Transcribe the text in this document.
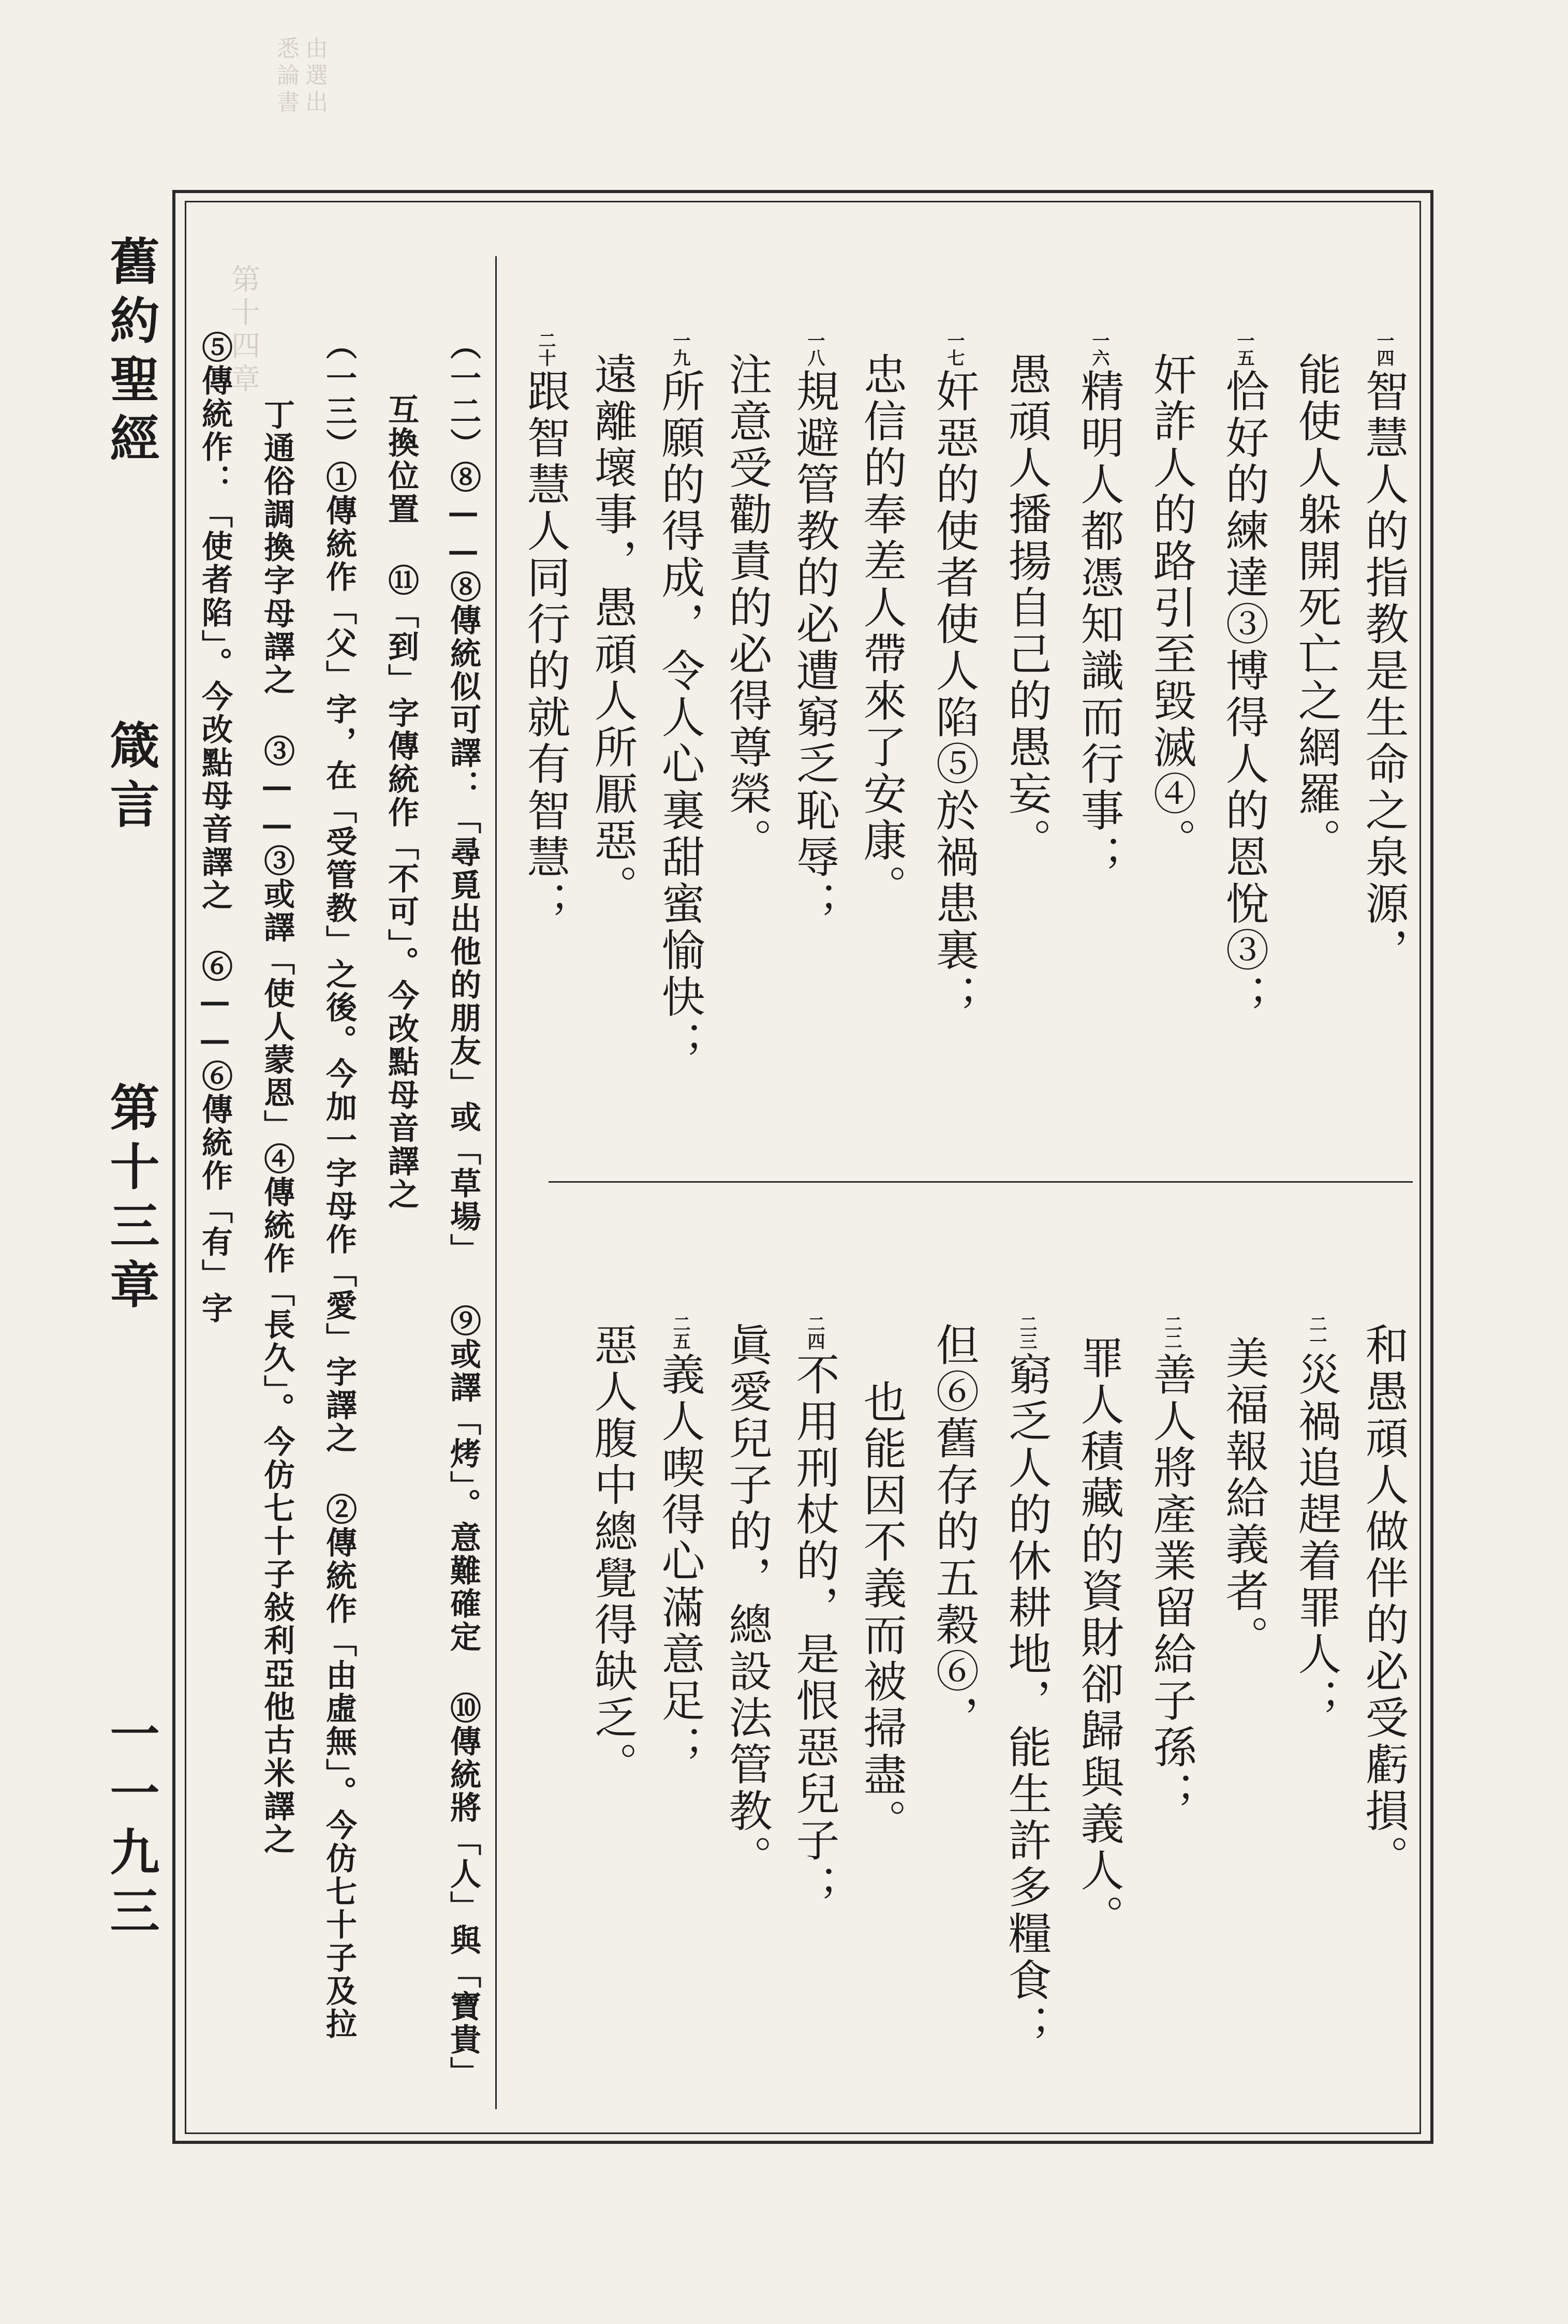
由選出
悉論書
第十四章
舊約聖經
箴言
第十三章
一一九三
一四智慧人的指教是生命之泉源，
能使人躲開死亡之網羅。
一五恰好的練達③博得人的恩悅③；
奸詐人的路引至毀滅④。
一六精明人都憑知識而行事；
愚頑人播揚自己的愚妄。
一七奸惡的使者使人陷⑤於禍患裏；
忠信的奉差人帶來了安康。
一八規避管教的必遭窮乏恥辱；
注意受勸責的必得尊榮。
一九所願的得成，令人心裏甜蜜愉快；
遠離壞事，愚頑人所厭惡。
二十跟智慧人同行的就有智慧；
和愚頑人做伴的必受虧損。
二一災禍追趕着罪人；
美福報給義者。
二二善人將產業留給子孫；
罪人積藏的資財卻歸與義人。
二三窮乏人的休耕地，能生許多糧食；
但⑥舊存的五穀⑥，
也能因不義而被掃盡。
二四不用刑杖的，是恨惡兒子；
眞愛兒子的，總設法管教。
二五義人喫得心滿意足；
惡人腹中總覺得缺乏。
（一二）⑧——⑧傳統似可譯：「尋覓出他的朋友」或「草場」 ⑨或譯「烤」。意難確定 ⑩傳統將「人」與「寶貴」
互換位置 ⑪「到」字傳統作「不可」。今改點母音譯之
（一三）①傳統作「父」字，在「受管教」之後。今加一字母作「愛」字譯之 ②傳統作「由虛無」。今仿七十子及拉
丁通俗調換字母譯之 ③——③或譯「使人蒙恩」④傳統作「長久」。今仿七十子敍利亞他古米譯之
⑤傳統作：「使者陷」。今改點母音譯之 ⑥——⑥傳統作「有」字
